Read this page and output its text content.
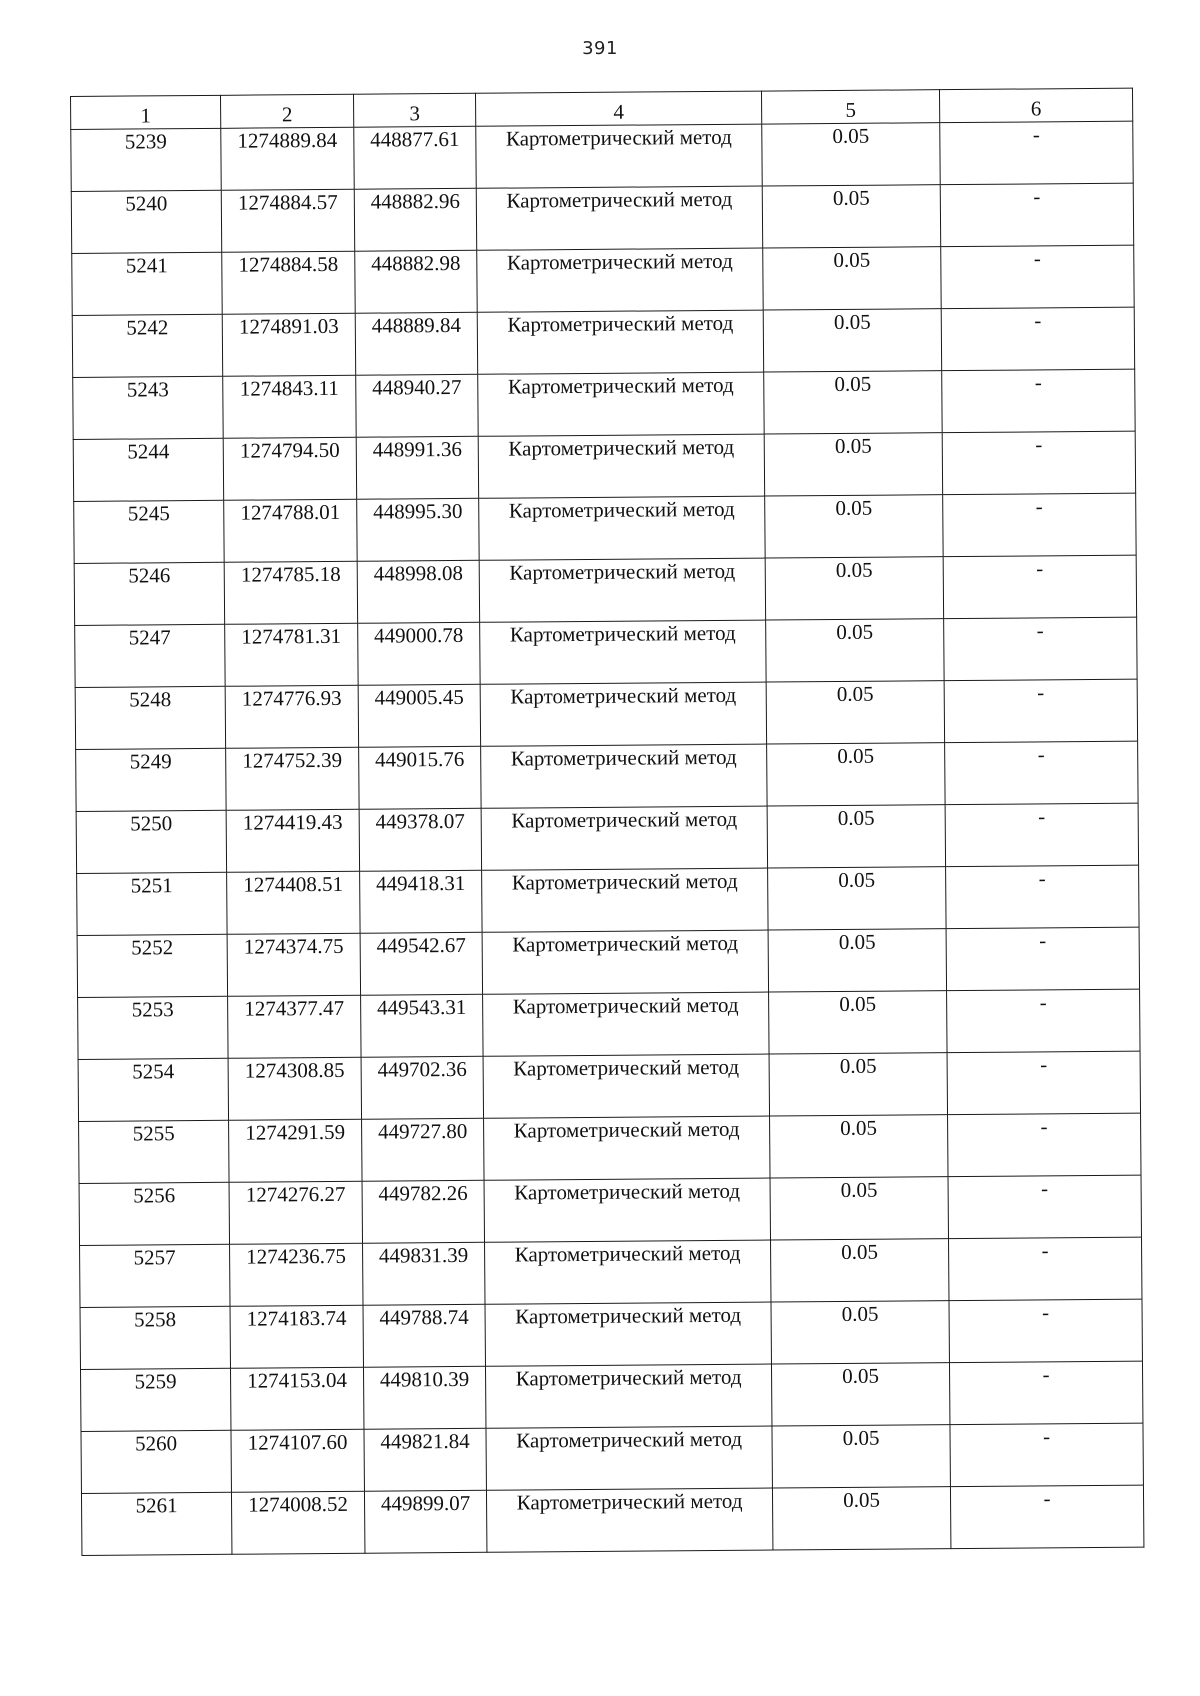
391
1	2	3	4	5	6
5239	1274889.84	448877.61	Картометрический метод	0.05	-
5240	1274884.57	448882.96	Картометрический метод	0.05	-
5241	1274884.58	448882.98	Картометрический метод	0.05	-
5242	1274891.03	448889.84	Картометрический метод	0.05	-
5243	1274843.11	448940.27	Картометрический метод	0.05	-
5244	1274794.50	448991.36	Картометрический метод	0.05	-
5245	1274788.01	448995.30	Картометрический метод	0.05	-
5246	1274785.18	448998.08	Картометрический метод	0.05	-
5247	1274781.31	449000.78	Картометрический метод	0.05	-
5248	1274776.93	449005.45	Картометрический метод	0.05	-
5249	1274752.39	449015.76	Картометрический метод	0.05	-
5250	1274419.43	449378.07	Картометрический метод	0.05	-
5251	1274408.51	449418.31	Картометрический метод	0.05	-
5252	1274374.75	449542.67	Картометрический метод	0.05	-
5253	1274377.47	449543.31	Картометрический метод	0.05	-
5254	1274308.85	449702.36	Картометрический метод	0.05	-
5255	1274291.59	449727.80	Картометрический метод	0.05	-
5256	1274276.27	449782.26	Картометрический метод	0.05	-
5257	1274236.75	449831.39	Картометрический метод	0.05	-
5258	1274183.74	449788.74	Картометрический метод	0.05	-
5259	1274153.04	449810.39	Картометрический метод	0.05	-
5260	1274107.60	449821.84	Картометрический метод	0.05	-
5261	1274008.52	449899.07	Картометрический метод	0.05	-
